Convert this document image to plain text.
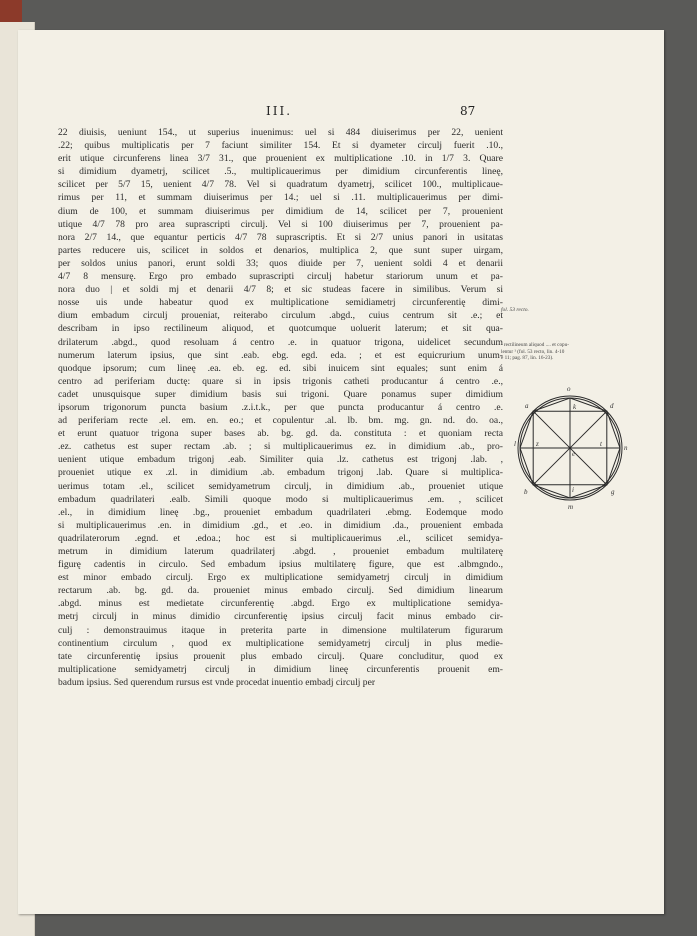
III.	87
22 diuisis, ueniunt 154., ut superius inuenimus: uel si 484 diuiserimus per 22, uenient
.22; quibus multiplicatis per 7 faciunt similiter 154. Et si dyameter circulj fuerit .10.,
erit utique circunferens linea 3/7 31., que prouenient ex multiplicatione .10. in 1/7 3. Quare
si dimidium dyametrj, scilicet .5., multiplicauerimus per dimidium circunferentis lineę,
scilicet per 5/7 15, uenient 4/7 78. Vel si quadratum dyametrj, scilicet 100., multiplicaue-
rimus per 11, et summam diuiserimus per 14.; uel si .11. multiplicauerimus per dimi-
dium de 100, et summam diuiserimus per dimidium de 14, scilicet per 7, prouenient
utique 4/7 78 pro area suprascripti circulj. Vel si 100 diuiserimus per 7, prouenient pa-
nora 2/7 14., que equantur perticis 4/7 78 suprascriptis. Et si 2/7 unius panori in usitatas
partes reducere uis, scilicet in soldos et denarios, multiplica 2, que sunt super uirgam,
per soldos unius panori, erunt soldi 33; quos diuide per 7, uenient soldi 4 et denarii
4/7 8 mensurę. Ergo pro embado suprascripti circulj habetur stariorum unum et pa-
nora duo | et soldi mj et denarii 4/7 8; et sic studeas facere in similibus. Verum si
nosse uis unde habeatur quod ex multiplicatione semidiametrj circunferentię dimi-
dium embadum circulj proueniat, reiterabo circulum .abgd., cuius centrum sit .e.; et
describam in ipso rectilineum aliquod, et quotcumque uoluerit laterum; et sit qua-
drilaterum .abgd., quod resoluam á centro .e. in quatuor trigona, uidelicet secundum
numerum laterum ipsius, que sint .eab. ebg. egd. eda. ; et est equicrurium unum-
quodque ipsorum; cum lineę .ea. eb. eg. ed. sibi inuicem sint equales; sunt enim á
centro ad periferiam ductę: quare si in ipsis trigonis catheti producantur á centro .e.,
cadet unusquisque super dimidium basis sui trigoni. Quare ponamus super dimidium
ipsorum trigonorum puncta basium .z.i.t.k., per que puncta producantur á centro .e.
ad periferiam recte .el. em. en. eo.; et copulentur .al. lb. bm. mg. gn. nd. do. oa.,
et erunt quatuor trigona super bases ab. bg. gd. da. constituta : et quoniam recta
.ez. cathetus est super rectam .ab. ; si multiplicauerimus ez. in dimidium .ab., pro-
uenient utique embadum trigonj .eab. Similiter quia .lz. cathetus est trigonj .lab. ,
proueniet utique ex .zl. in dimidium .ab. embadum trigonj .lab. Quare si multiplica-
uerimus totam .el., scilicet semidyametrum circulj, in dimidium .ab., proueniet utique
embadum quadrilateri .ealb. Simili quoque modo si multiplicauerimus .em. , scilicet
.el., in dimidium lineę .bg., proueniet embadum quadrilateri .ebmg. Eodemque modo
si multiplicauerimus .en. in dimidium .gd., et .eo. in dimidium .da., prouenient embada
quadrilaterorum .egnd. et .edoa.; hoc est si multiplicauerimus .el., scilicet semidya-
metrum in dimidium laterum quadrilaterj .abgd. , proueniet embadum multilaterę
figurę cadentis in circulo. Sed embadum ipsius multilaterę figure, que est .albmgndo.,
est minor embado circulj. Ergo ex multiplicatione semidyametrj circulj in dimidium
rectarum .ab. bg. gd. da. proueniet minus embado circulj. Sed dimidium linearum
.abgd. minus est medietate circunferentię .abgd. Ergo ex multiplicatione semidya-
metrj circulj in minus dimidio circunferentię ipsius circulj facit minus embado cir-
culj : demonstrauimus itaque in preterita parte in dimensione multilaterum figurarum
continentium circulum , quod ex multiplicatione semidyametrj circulj in plus medie-
tate circunferentię ipsius prouenit plus embado circulj. Quare concluditur, quod ex
multiplicatione semidyametrj circulj in dimidium lineę circunferentis prouenit em-
badum ipsius. Sed querendum rursus est vnde procedat inuentio embadj circulj per
fol. 53 recto.
¹ rectilineum aliquod .... et copu-
lentur ¹ (fol. 53 recto, lin. 4-10
e 11; pag. 87, lin. 16-23).
o
a	k	d
l	z
e
t	n
b	i	g
m
